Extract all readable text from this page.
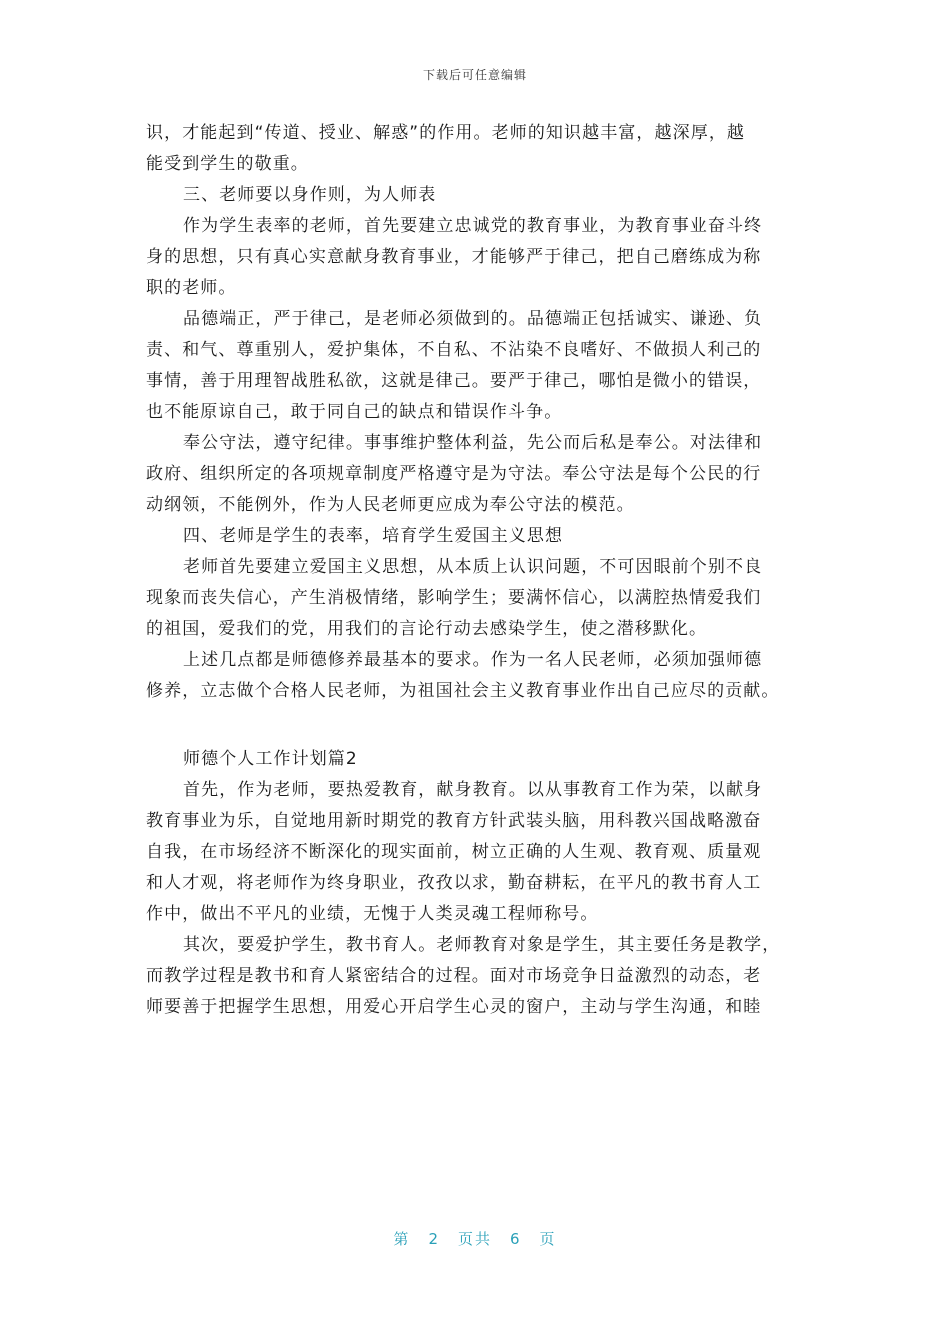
下载后可任意编辑
识，才能起到“传道、授业、解惑”的作用。老师的知识越丰富，越深厚，越
能受到学生的敬重。
三、老师要以身作则，为人师表
作为学生表率的老师，首先要建立忠诚党的教育事业，为教育事业奋斗终
身的思想，只有真心实意献身教育事业，才能够严于律己，把自己磨练成为称
职的老师。
品德端正，严于律己，是老师必须做到的。品德端正包括诚实、谦逊、负
责、和气、尊重别人，爱护集体，不自私、不沾染不良嗜好、不做损人利己的
事情，善于用理智战胜私欲，这就是律己。要严于律己，哪怕是微小的错误，
也不能原谅自己，敢于同自己的缺点和错误作斗争。
奉公守法，遵守纪律。事事维护整体利益，先公而后私是奉公。对法律和
政府、组织所定的各项规章制度严格遵守是为守法。奉公守法是每个公民的行
动纲领，不能例外，作为人民老师更应成为奉公守法的模范。
四、老师是学生的表率，培育学生爱国主义思想
老师首先要建立爱国主义思想，从本质上认识问题，不可因眼前个别不良
现象而丧失信心，产生消极情绪，影响学生；要满怀信心，以满腔热情爱我们
的祖国，爱我们的党，用我们的言论行动去感染学生，使之潜移默化。
上述几点都是师德修养最基本的要求。作为一名人民老师，必须加强师德
修养，立志做个合格人民老师，为祖国社会主义教育事业作出自己应尽的贡献。
师德个人工作计划篇2
首先，作为老师，要热爱教育，献身教育。以从事教育工作为荣，以献身
教育事业为乐，自觉地用新时期党的教育方针武装头脑，用科教兴国战略激奋
自我，在市场经济不断深化的现实面前，树立正确的人生观、教育观、质量观
和人才观，将老师作为终身职业，孜孜以求，勤奋耕耘，在平凡的教书育人工
作中，做出不平凡的业绩，无愧于人类灵魂工程师称号。
其次，要爱护学生，教书育人。老师教育对象是学生，其主要任务是教学，
而教学过程是教书和育人紧密结合的过程。面对市场竞争日益激烈的动态，老
师要善于把握学生思想，用爱心开启学生心灵的窗户，主动与学生沟通，和睦
第 2 页共 6 页
